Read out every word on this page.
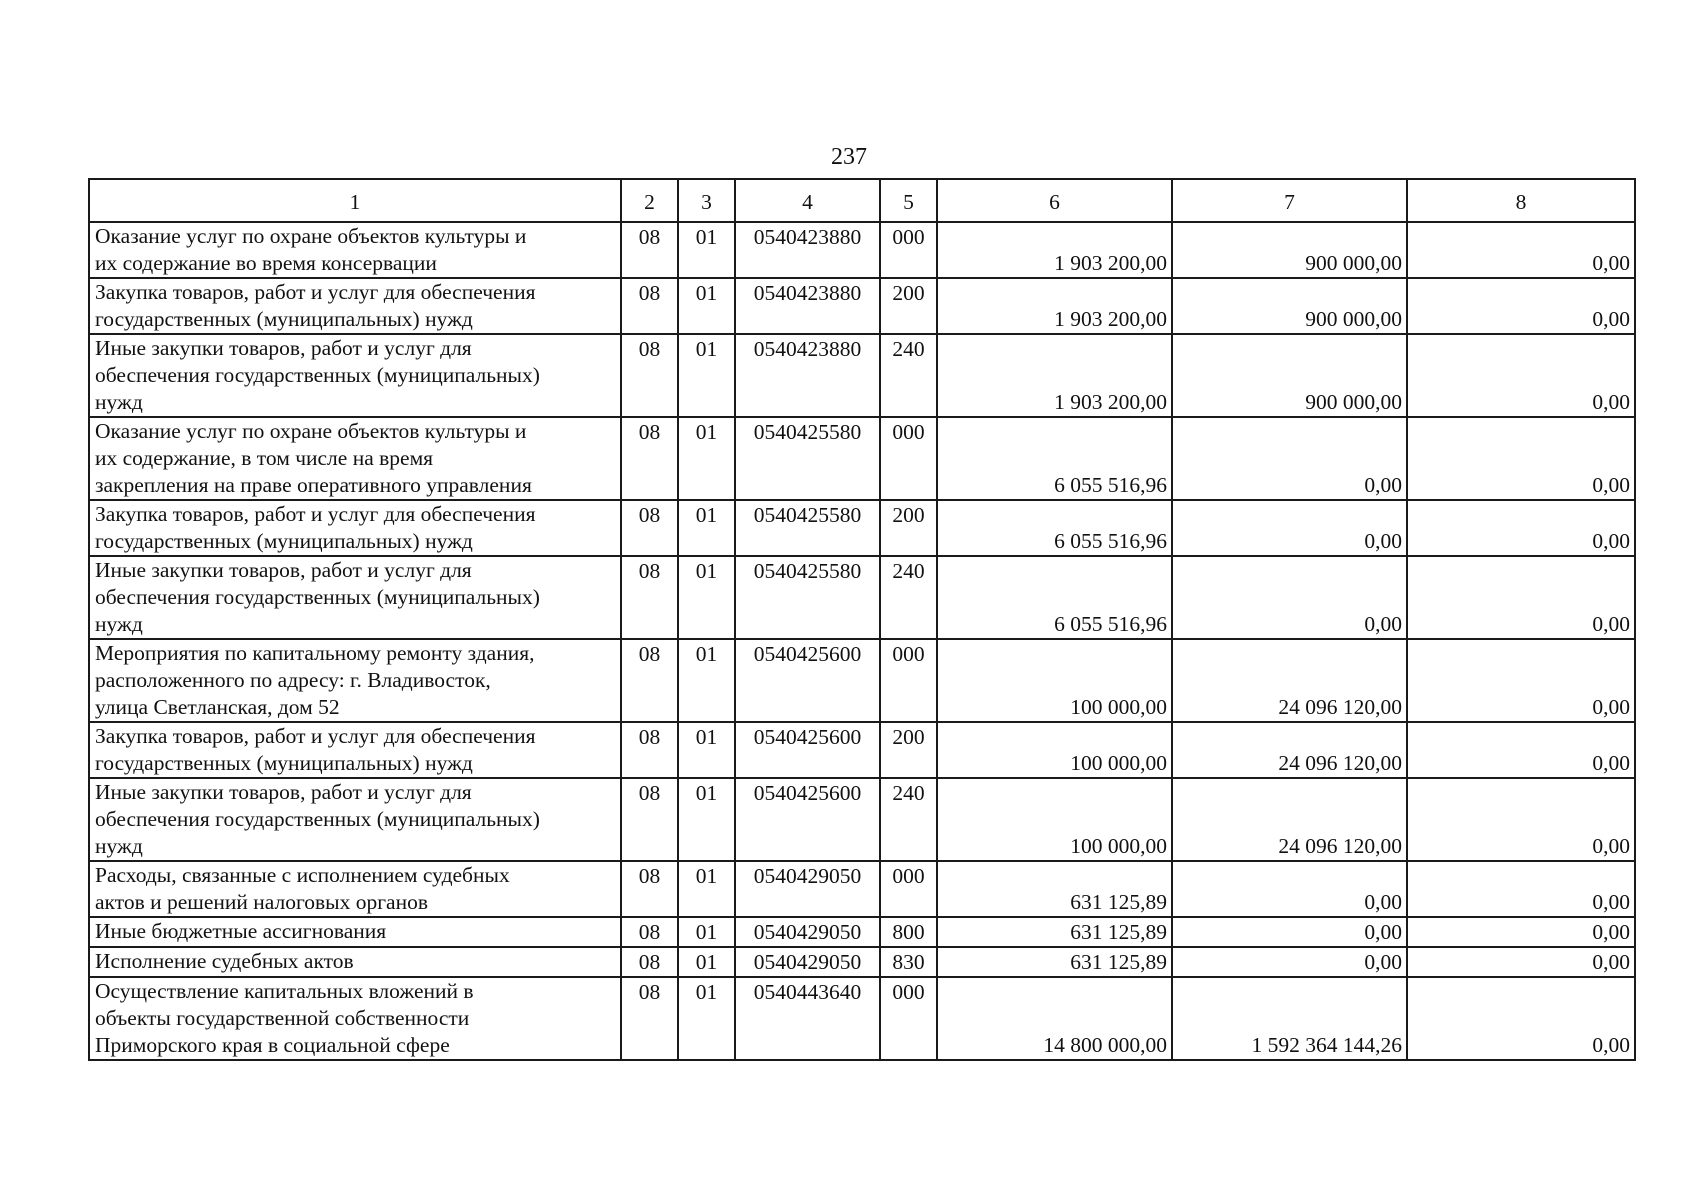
237
1	2	3	4	5	6	7	8

Оказание услуг по охране объектов культуры и
их содержание во время консервации	08	01	0540423880	000	1 903 200,00	900 000,00	0,00

Закупка товаров, работ и услуг для обеспечения
государственных (муниципальных) нужд	08	01	0540423880	200	1 903 200,00	900 000,00	0,00

Иные закупки товаров, работ и услуг для
обеспечения государственных (муниципальных)
нужд	08	01	0540423880	240	1 903 200,00	900 000,00	0,00

Оказание услуг по охране объектов культуры и
их содержание, в том числе на время
закрепления на праве оперативного управления	08	01	0540425580	000	6 055 516,96	0,00	0,00

Закупка товаров, работ и услуг для обеспечения
государственных (муниципальных) нужд	08	01	0540425580	200	6 055 516,96	0,00	0,00

Иные закупки товаров, работ и услуг для
обеспечения государственных (муниципальных)
нужд	08	01	0540425580	240	6 055 516,96	0,00	0,00

Мероприятия по капитальному ремонту здания,
расположенного по адресу: г. Владивосток,
улица Светланская, дом 52	08	01	0540425600	000	100 000,00	24 096 120,00	0,00

Закупка товаров, работ и услуг для обеспечения
государственных (муниципальных) нужд	08	01	0540425600	200	100 000,00	24 096 120,00	0,00

Иные закупки товаров, работ и услуг для
обеспечения государственных (муниципальных)
нужд	08	01	0540425600	240	100 000,00	24 096 120,00	0,00

Расходы, связанные с исполнением судебных
актов и решений налоговых органов	08	01	0540429050	000	631 125,89	0,00	0,00

Иные бюджетные ассигнования	08	01	0540429050	800	631 125,89	0,00	0,00

Исполнение судебных актов	08	01	0540429050	830	631 125,89	0,00	0,00

Осуществление капитальных вложений в
объекты государственной собственности
Приморского края в социальной сфере	08	01	0540443640	000	14 800 000,00	1 592 364 144,26	0,00
